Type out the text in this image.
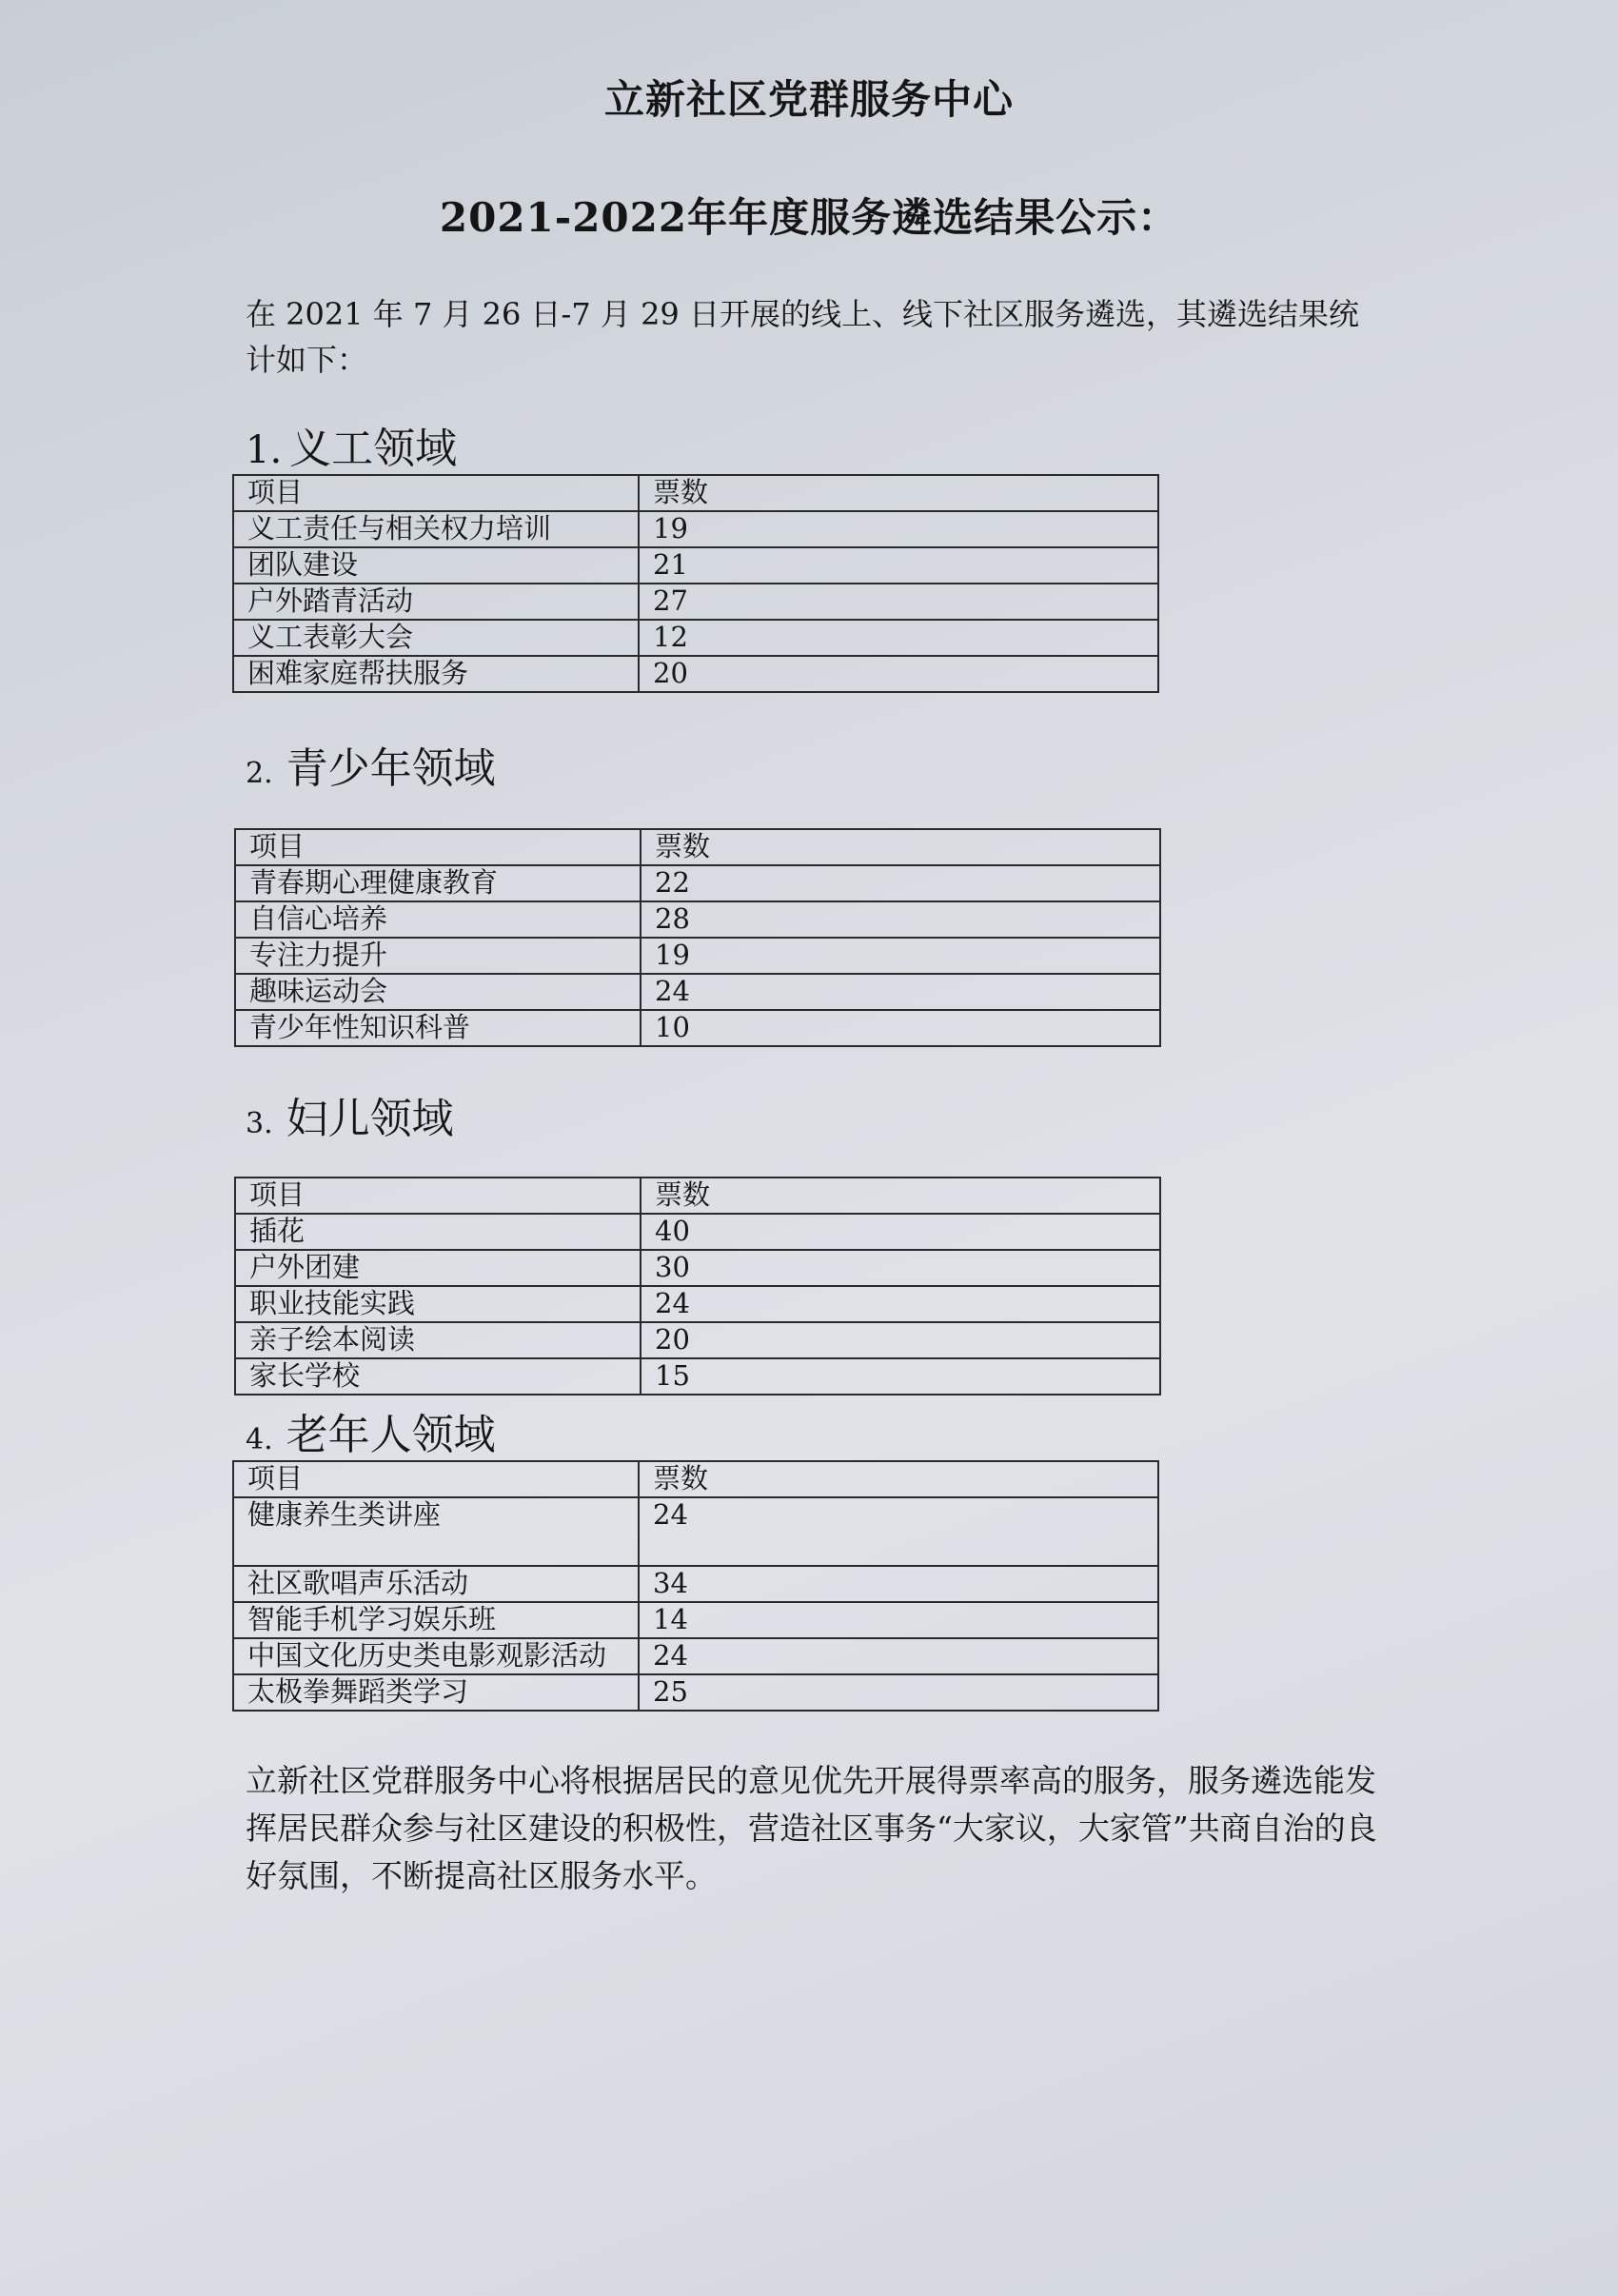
立新社区党群服务中心
2021-2022年年度服务遴选结果公示：
在 2021 年 7 月 26 日-7 月 29 日开展的线上、线下社区服务遴选，其遴选结果统计如下：
1. 义工领域
项目	票数
义工责任与相关权力培训	19
团队建设	21
户外踏青活动	27
义工表彰大会	12
困难家庭帮扶服务	20
2. 青少年领域
项目	票数
青春期心理健康教育	22
自信心培养	28
专注力提升	19
趣味运动会	24
青少年性知识科普	10
3. 妇儿领域
项目	票数
插花	40
户外团建	30
职业技能实践	24
亲子绘本阅读	20
家长学校	15
4. 老年人领域
项目	票数
健康养生类讲座	24
社区歌唱声乐活动	34
智能手机学习娱乐班	14
中国文化历史类电影观影活动	24
太极拳舞蹈类学习	25
立新社区党群服务中心将根据居民的意见优先开展得票率高的服务，服务遴选能发挥居民群众参与社区建设的积极性，营造社区事务“大家议，大家管”共商自治的良好氛围，不断提高社区服务水平。
